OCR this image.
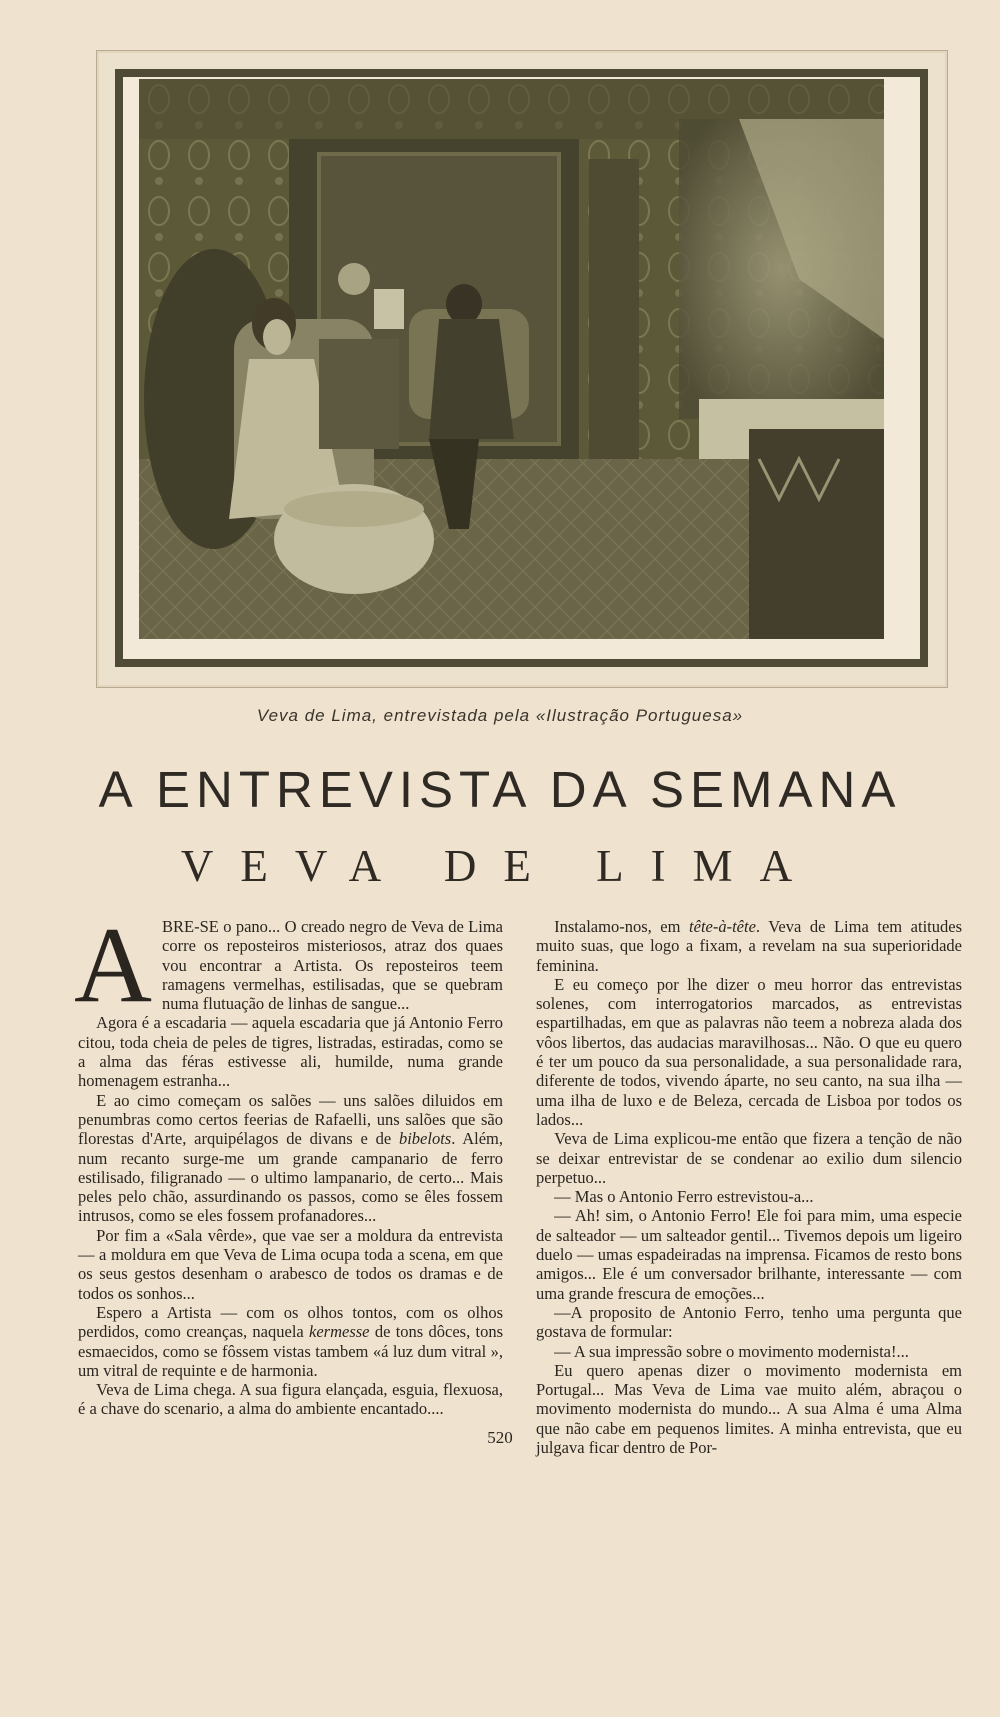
Veva de Lima, entrevistada pela «Ilustração Portuguesa»
A ENTREVISTA DA SEMANA
VEVA DE LIMA

A BRE-SE o pano... O creado negro de Veva de Lima corre os reposteiros misteriosos, atraz dos quaes vou encontrar a Artista. Os reposteiros teem ramagens vermelhas, estilisadas, que se quebram numa flutuação de linhas de sangue...

Agora é a escadaria — aquela escadaria que já Antonio Ferro citou, toda cheia de peles de tigres, listradas, estiradas, como se a alma das féras estivesse ali, humilde, numa grande homenagem estranha...

E ao cimo começam os salões — uns salões diluidos em penumbras como certos feerias de Rafaelli, uns salões que são florestas d'Arte, arquipélagos de divans e de bibelots. Além, num recanto surge-me um grande campanario de ferro estilisado, filigranado — o ultimo lampanario, de certo... Mais peles pelo chão, assurdinando os passos, como se êles fossem intrusos, como se eles fossem profanadores...

Por fim a «Sala vêrde», que vae ser a moldura da entrevista — a moldura em que Veva de Lima ocupa toda a scena, em que os seus gestos desenham o arabesco de todos os dramas e de todos os sonhos...

Espero a Artista — com os olhos tontos, com os olhos perdidos, como creanças, naquela kermesse de tons dôces, tons esmaecidos, como se fôssem vistas tambem «á luz dum vitral », um vitral de requinte e de harmonia.

Veva de Lima chega. A sua figura elançada, esguia, flexuosa, é a chave do scenario, a alma do ambiente encantado....

Instalamo-nos, em tête-à-tête. Veva de Lima tem atitudes muito suas, que logo a fixam, a revelam na sua superioridade feminina.

E eu começo por lhe dizer o meu horror das entrevistas solenes, com interrogatorios marcados, as entrevistas espartilhadas, em que as palavras não teem a nobreza alada dos vôos libertos, das audacias maravilhosas... Não. O que eu quero é ter um pouco da sua personalidade, a sua personalidade rara, diferente de todos, vivendo áparte, no seu canto, na sua ilha — uma ilha de luxo e de Beleza, cercada de Lisboa por todos os lados...

Veva de Lima explicou-me então que fizera a tenção de não se deixar entrevistar de se condenar ao exilio dum silencio perpetuo...

— Mas o Antonio Ferro estrevistou-a...

— Ah! sim, o Antonio Ferro! Ele foi para mim, uma especie de salteador — um salteador gentil... Tivemos depois um ligeiro duelo — umas espadeiradas na imprensa. Ficamos de resto bons amigos... Ele é um conversador brilhante, interessante — com uma grande frescura de emoções...

—A proposito de Antonio Ferro, tenho uma pergunta que gostava de formular:

— A sua impressão sobre o movimento modernista!...

Eu quero apenas dizer o movimento modernista em Portugal... Mas Veva de Lima vae muito além, abraçou o movimento modernista do mundo... A sua Alma é uma Alma que não cabe em pequenos limites. A minha entrevista, que eu julgava ficar dentro de Por-

520
